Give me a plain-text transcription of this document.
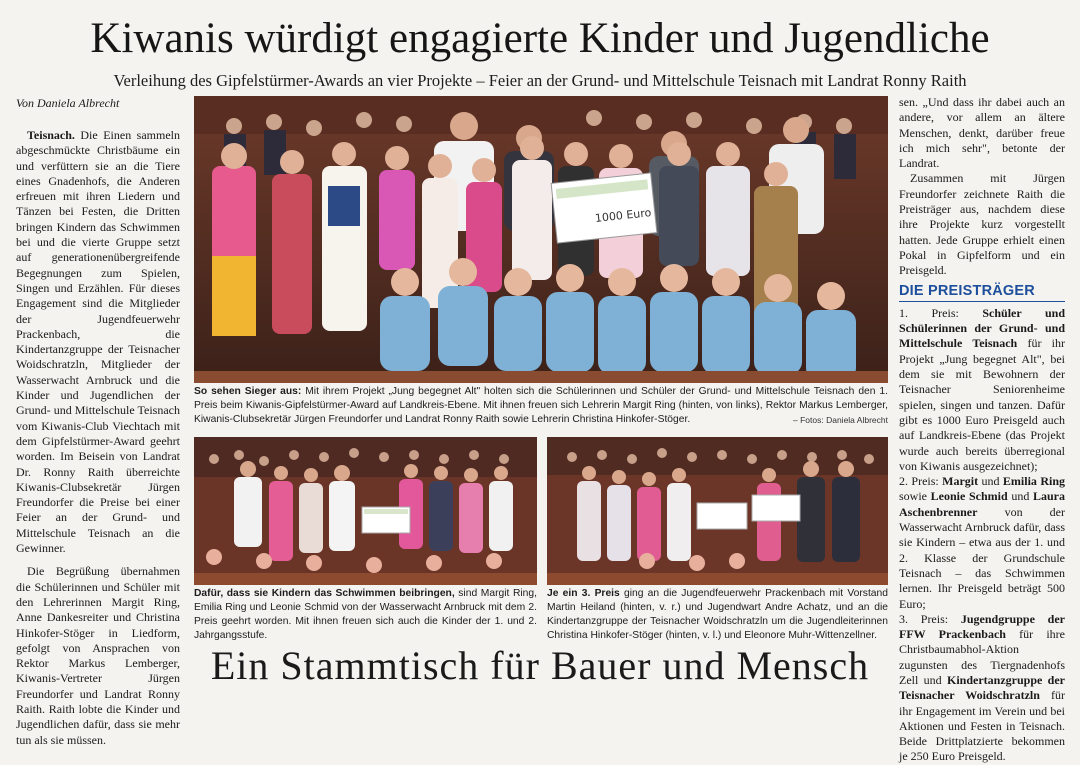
Kiwanis würdigt engagierte Kinder und Jugendliche
Verleihung des Gipfelstürmer-Awards an vier Projekte – Feier an der Grund- und Mittelschule Teisnach mit Landrat Ronny Raith
Von Daniela Albrecht

Teisnach. Die Einen sammeln abgeschmückte Christbäume ein und verfüttern sie an die Tiere eines Gnadenhofs, die Anderen erfreuen mit ihren Liedern und Tänzen bei Festen, die Dritten bringen Kindern das Schwimmen bei und die vierte Gruppe setzt auf generationenübergreifende Begegnungen zum Spielen, Singen und Erzählen. Für dieses Engagement sind die Mitglieder der Jugendfeuerwehr Prackenbach, die Kindertanzgruppe der Teisnacher Woidschratzln, Mitglieder der Wasserwacht Arnbruck und die Kinder und Jugendlichen der Grund- und Mittelschule Teisnach vom Kiwanis-Club Viechtach mit dem Gipfelstürmer-Award geehrt worden. Im Beisein von Landrat Dr. Ronny Raith überreichte Kiwanis-Clubsekretär Jürgen Freundorfer die Preise bei einer Feier an der Grund- und Mittelschule Teisnach an die Gewinner.

Die Begrüßung übernahmen die Schülerinnen und Schüler mit den Lehrerinnen Margit Ring, Anne Dankesreiter und Christina Hinkofer-Stöger in Liedform, gefolgt von Ansprachen von Rektor Markus Lemberger, Kiwanis-Vertreter Jürgen Freundorfer und Landrat Ronny Raith. Raith lobte die Kinder und Jugendlichen dafür, dass sie mehr tun als sie müssen.

1000 Euro
So sehen Sieger aus: Mit ihrem Projekt „Jung begegnet Alt" holten sich die Schülerinnen und Schüler der Grund- und Mittelschule Teisnach den 1. Preis beim Kiwanis-Gipfelstürmer-Award auf Landkreis-Ebene. Mit ihnen freuen sich Lehrerin Margit Ring (hinten, von links), Rektor Markus Lemberger, Kiwanis-Clubsekretär Jürgen Freundorfer und Landrat Ronny Raith sowie Lehrerin Christina Hinkofer-Stöger.	– Fotos: Daniela Albrecht
Dafür, dass sie Kindern das Schwimmen beibringen, sind Margit Ring, Emilia Ring und Leonie Schmid von der Wasserwacht Arnbruck mit dem 2. Preis geehrt worden. Mit ihnen freuen sich auch die Kinder der 1. und 2. Jahrgangsstufe.
Je ein 3. Preis ging an die Jugendfeuerwehr Prackenbach mit Vorstand Martin Heiland (hinten, v. r.) und Jugendwart Andre Achatz, und an die Kindertanzgruppe der Teisnacher Woidschratzln um die Jugendleiterinnen Christina Hinkofer-Stöger (hinten, v. l.) und Eleonore Muhr-Wittenzellner.

sen. „Und dass ihr dabei auch an andere, vor allem an ältere Menschen, denkt, darüber freue ich mich sehr", betonte der Landrat.

Zusammen mit Jürgen Freundorfer zeichnete Raith die Preisträger aus, nachdem diese ihre Projekte kurz vorgestellt hatten. Jede Gruppe erhielt einen Pokal in Gipfelform und ein Preisgeld.

DIE PREISTRÄGER

1. Preis: Schüler und Schülerinnen der Grund- und Mittelschule Teisnach für ihr Projekt „Jung begegnet Alt", bei dem sie mit Bewohnern der Teisnacher Seniorenheime spielen, singen und tanzen. Dafür gibt es 1000 Euro Preisgeld auch auf Landkreis-Ebene (das Projekt wurde auch bereits überregional von Kiwanis ausgezeichnet);

2. Preis: Margit und Emilia Ring sowie Leonie Schmid und Laura Aschenbrenner von der Wasserwacht Arnbruck dafür, dass sie Kindern – etwa aus der 1. und 2. Klasse der Grundschule Teisnach – das Schwimmen lernen. Ihr Preisgeld beträgt 500 Euro;

3. Preis: Jugendgruppe der FFW Prackenbach für ihre Christbaumabhol-Aktion zugunsten des Tiergnadenhofs Zell und Kindertanzgruppe der Teisnacher Woidschratzln für ihr Engagement im Verein und bei Aktionen und Festen in Teisnach. Beide Drittplatzierte bekommen je 250 Euro Preisgeld.

Ein Stammtisch für Bauer und Mensch
